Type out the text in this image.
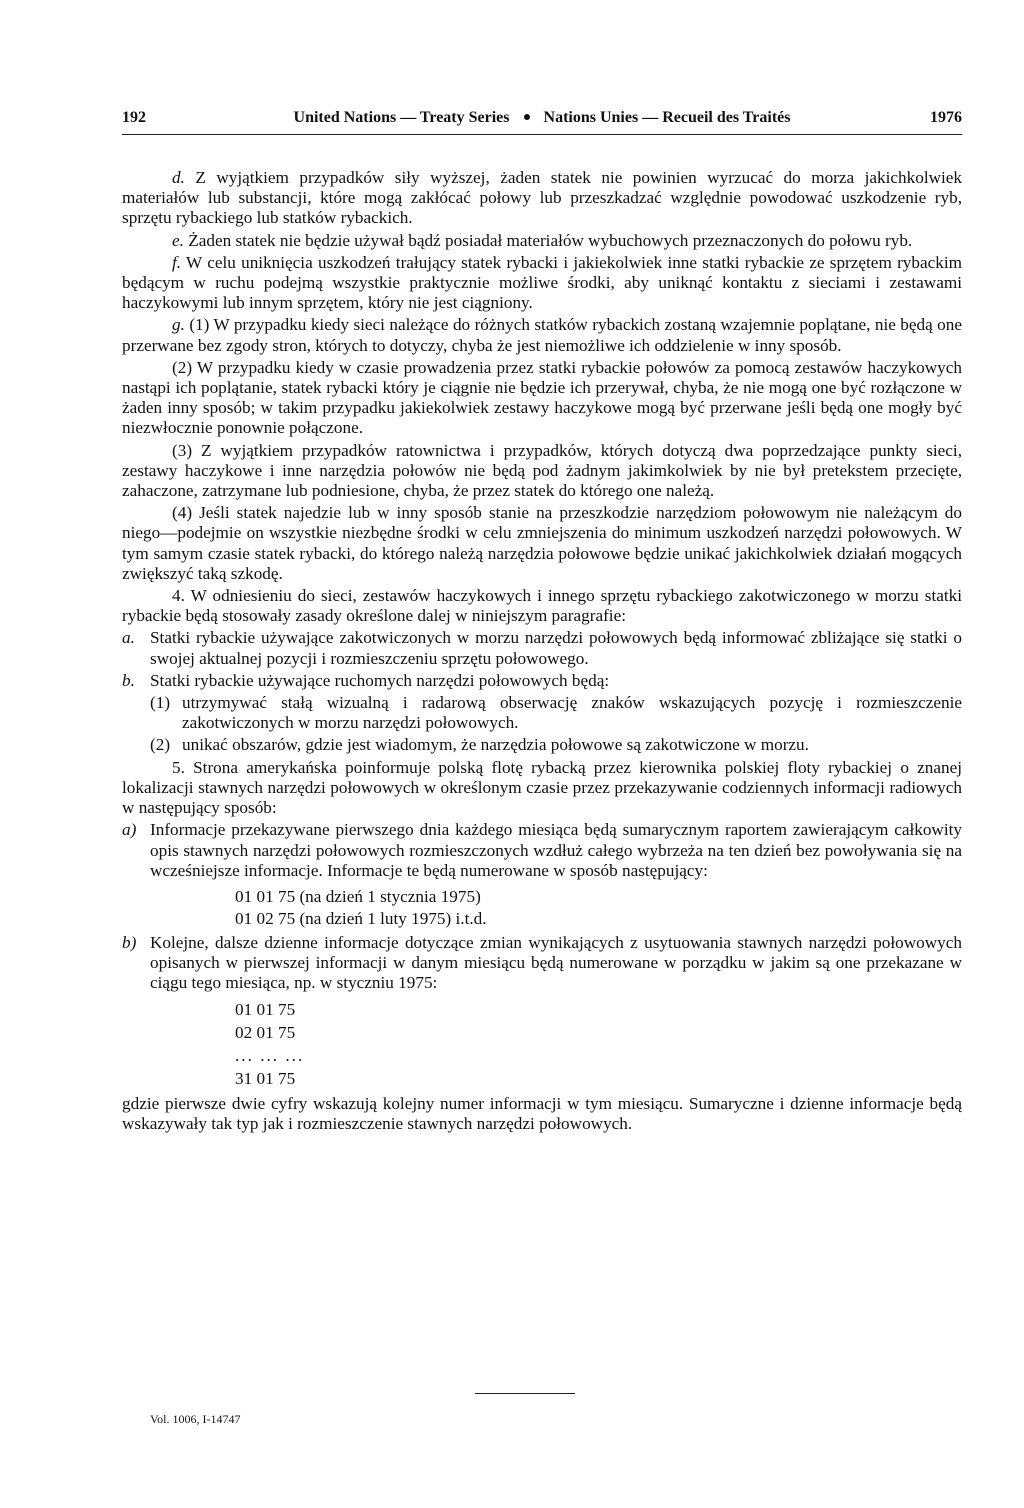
192	United Nations — Treaty Series Nations Unies — Recueil des Traités	1976

d. Z wyjątkiem przypadków siły wyższej, żaden statek nie powinien wyrzucać do morza jakichkolwiek materiałów lub substancji, które mogą zakłócać połowy lub przeszkadzać względnie powodować uszkodzenie ryb, sprzętu rybackiego lub statków rybackich.

e. Żaden statek nie będzie używał bądź posiadał materiałów wybuchowych przeznaczonych do połowu ryb.

f. W celu uniknięcia uszkodzeń trałujący statek rybacki i jakiekolwiek inne statki rybackie ze sprzętem rybackim będącym w ruchu podejmą wszystkie praktycznie możliwe środki, aby uniknąć kontaktu z sieciami i zestawami haczykowymi lub innym sprzętem, który nie jest ciągniony.

g. (1) W przypadku kiedy sieci należące do różnych statków rybackich zostaną wzajemnie poplątane, nie będą one przerwane bez zgody stron, których to dotyczy, chyba że jest niemożliwe ich oddzielenie w inny sposób.

(2) W przypadku kiedy w czasie prowadzenia przez statki rybackie połowów za pomocą zestawów haczykowych nastąpi ich poplątanie, statek rybacki który je ciągnie nie będzie ich przerywał, chyba, że nie mogą one być rozłączone w żaden inny sposób; w takim przypadku jakiekolwiek zestawy haczykowe mogą być przerwane jeśli będą one mogły być niezwłocznie ponownie połączone.

(3) Z wyjątkiem przypadków ratownictwa i przypadków, których dotyczą dwa poprzedzające punkty sieci, zestawy haczykowe i inne narzędzia połowów nie będą pod żadnym jakimkolwiek by nie był pretekstem przecięte, zahaczone, zatrzymane lub podniesione, chyba, że przez statek do którego one należą.

(4) Jeśli statek najedzie lub w inny sposób stanie na przeszkodzie narzędziom połowowym nie należącym do niego—podejmie on wszystkie niezbędne środki w celu zmniejszenia do minimum uszkodzeń narzędzi połowowych. W tym samym czasie statek rybacki, do którego należą narzędzia połowowe będzie unikać jakichkolwiek działań mogących zwiększyć taką szkodę.

4. W odniesieniu do sieci, zestawów haczykowych i innego sprzętu rybackiego zakotwiczonego w morzu statki rybackie będą stosowały zasady określone dalej w niniejszym paragrafie:

a. Statki rybackie używające zakotwiczonych w morzu narzędzi połowowych będą informować zbliżające się statki o swojej aktualnej pozycji i rozmieszczeniu sprzętu połowowego.
b. Statki rybackie używające ruchomych narzędzi połowowych będą:
(1) utrzymywać stałą wizualną i radarową obserwację znaków wskazujących pozycję i rozmieszczenie zakotwiczonych w morzu narzędzi połowowych.
(2) unikać obszarów, gdzie jest wiadomym, że narzędzia połowowe są zakotwiczone w morzu.

5. Strona amerykańska poinformuje polską flotę rybacką przez kierownika polskiej floty rybackiej o znanej lokalizacji stawnych narzędzi połowowych w określonym czasie przez przekazywanie codziennych informacji radiowych w następujący sposób:

a) Informacje przekazywane pierwszego dnia każdego miesiąca będą sumarycznym raportem zawierającym całkowity opis stawnych narzędzi połowowych rozmieszczonych wzdłuż całego wybrzeża na ten dzień bez powoływania się na wcześniejsze informacje. Informacje te będą numerowane w sposób następujący:
01 01 75 (na dzień 1 stycznia 1975)
01 02 75 (na dzień 1 luty 1975) i.t.d.
b) Kolejne, dalsze dzienne informacje dotyczące zmian wynikających z usytuowania stawnych narzędzi połowowych opisanych w pierwszej informacji w danym miesiącu będą numerowane w porządku w jakim są one przekazane w ciągu tego miesiąca, np. w styczniu 1975:
01 01 75
02 01 75
... ... ...
31 01 75

gdzie pierwsze dwie cyfry wskazują kolejny numer informacji w tym miesiącu. Sumaryczne i dzienne informacje będą wskazywały tak typ jak i rozmieszczenie stawnych narzędzi połowowych.

Vol. 1006, I-14747
